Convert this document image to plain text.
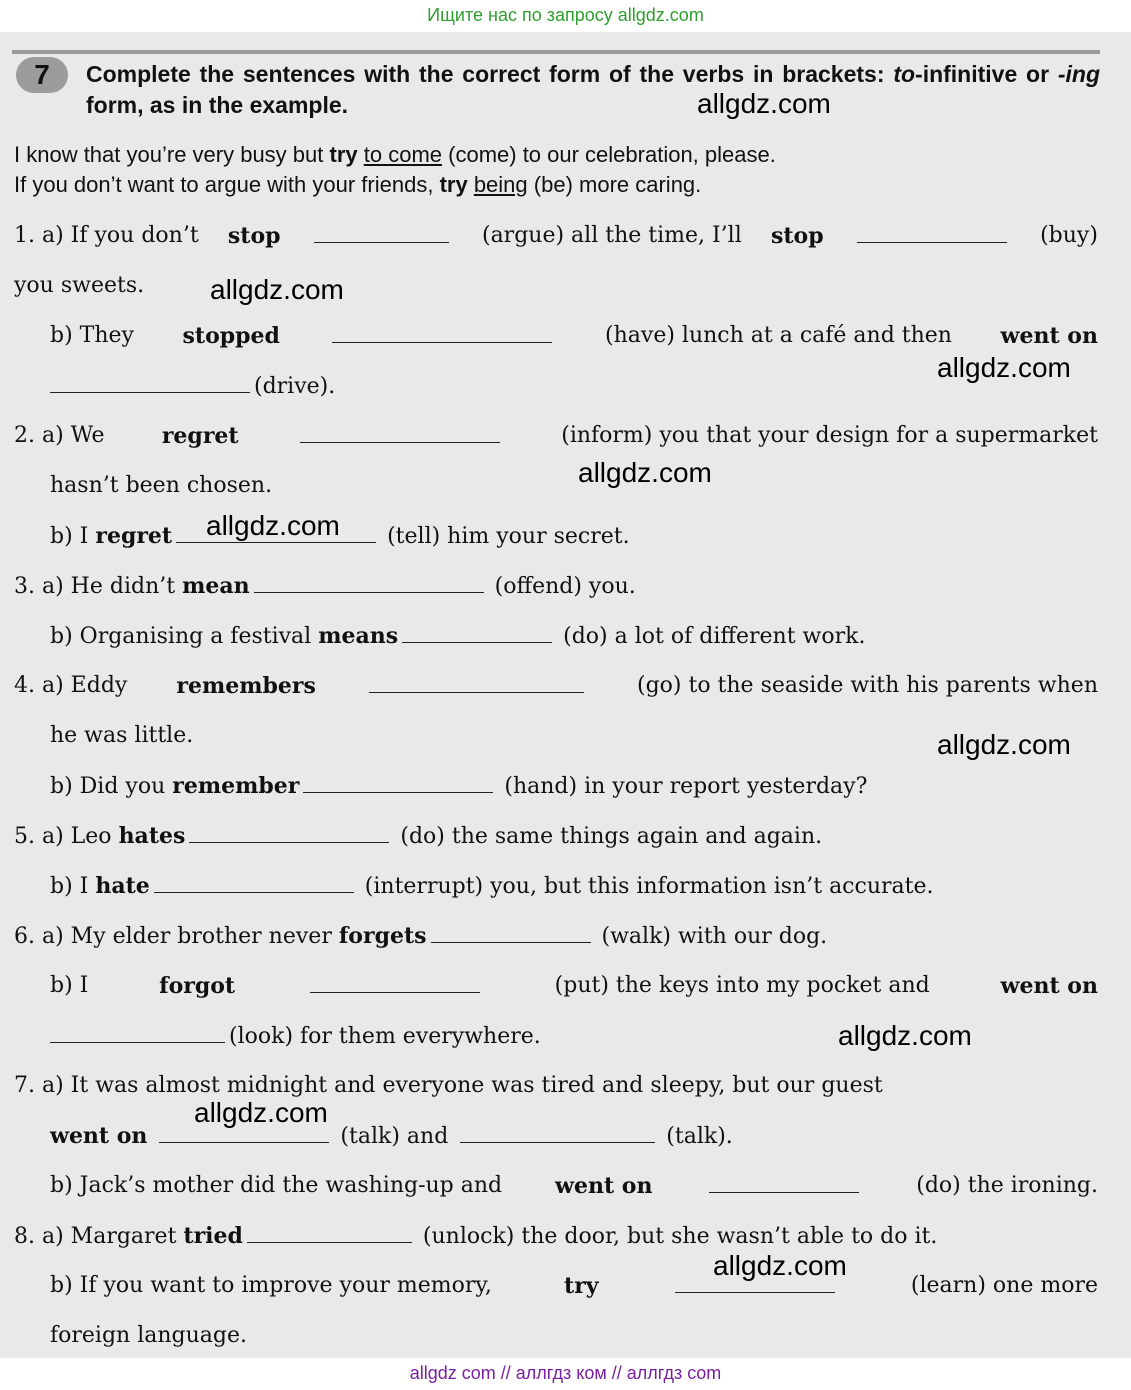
Ищите нас по запросу allgdz.com
7	Complete the sentences with the correct form of the verbs in brackets: to-infinitive or -ing form, as in the example.
I know that you’re very busy but try to come (come) to our celebration, please.
If you don’t want to argue with your friends, try being (be) more caring.
1. a) If you don’t stop	(argue) all the time, I’ll stop	(buy)
you sweets.
b) They stopped	(have) lunch at a café and then went on
(drive).
2. a) We	regret	(inform) you that your design for a supermarket
hasn’t been chosen.
b) I regret	(tell) him your secret.
3. a) He didn’t mean	(offend) you.
b) Organising a festival means	(do) a lot of different work.
4. a) Eddy remembers	(go) to the seaside with his parents when
he was little.
b) Did you remember	(hand) in your report yesterday?
5. a) Leo hates	(do) the same things again and again.
b) I hate	(interrupt) you, but this information isn’t accurate.
6. a) My elder brother never forgets	(walk) with our dog.
b) I	forgot	(put) the keys into my pocket and	went on
(look) for them everywhere.
7. a) It was almost midnight and everyone was tired and sleepy, but our guest
went on	(talk) and	(talk).
b) Jack’s mother did the washing-up and went on	(do) the ironing.
8. a) Margaret tried	(unlock) the door, but she wasn’t able to do it.
b) If you want to improve your memory,	try	(learn) one more
foreign language.
allgdz.com
allgdz.com
allgdz.com
allgdz.com
allgdz.com
allgdz.com
allgdz.com
allgdz.com
allgdz.com
allgdz com // аллгдз ком // аллгдз com
